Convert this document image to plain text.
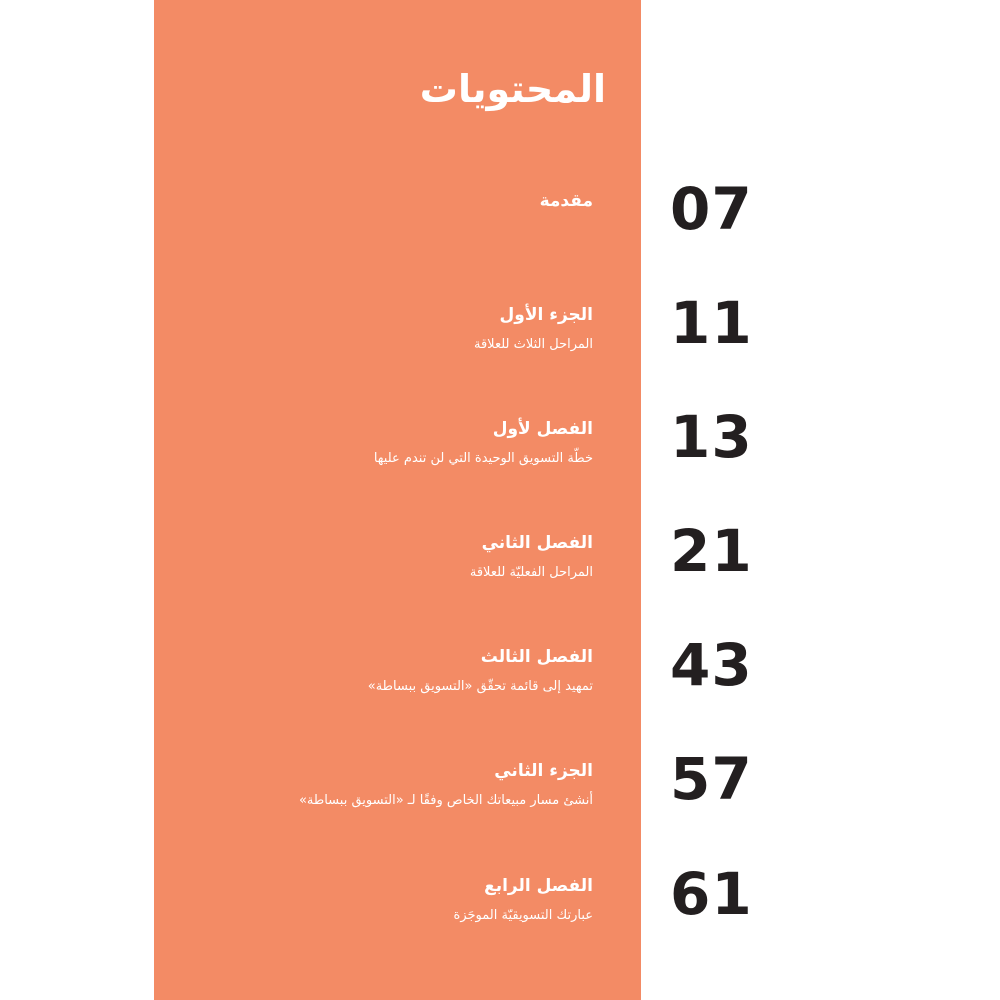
المحتويات
مقدمة 07
الجزء الأول
المراحل الثلاث للعلاقة 11
الفصل لأول
خطّة التسويق الوحيدة التي لن تندم عليها 13
الفصل الثاني
المراحل الفعليّة للعلاقة 21
الفصل الثالث
تمهيد إلى قائمة تحقّق «التسويق ببساطة» 43
الجزء الثاني
أنشئ مسار مبيعاتك الخاص وفقًا لـ «التسويق ببساطة» 57
الفصل الرابع
عبارتك التسويقيّة الموجَزة 61
